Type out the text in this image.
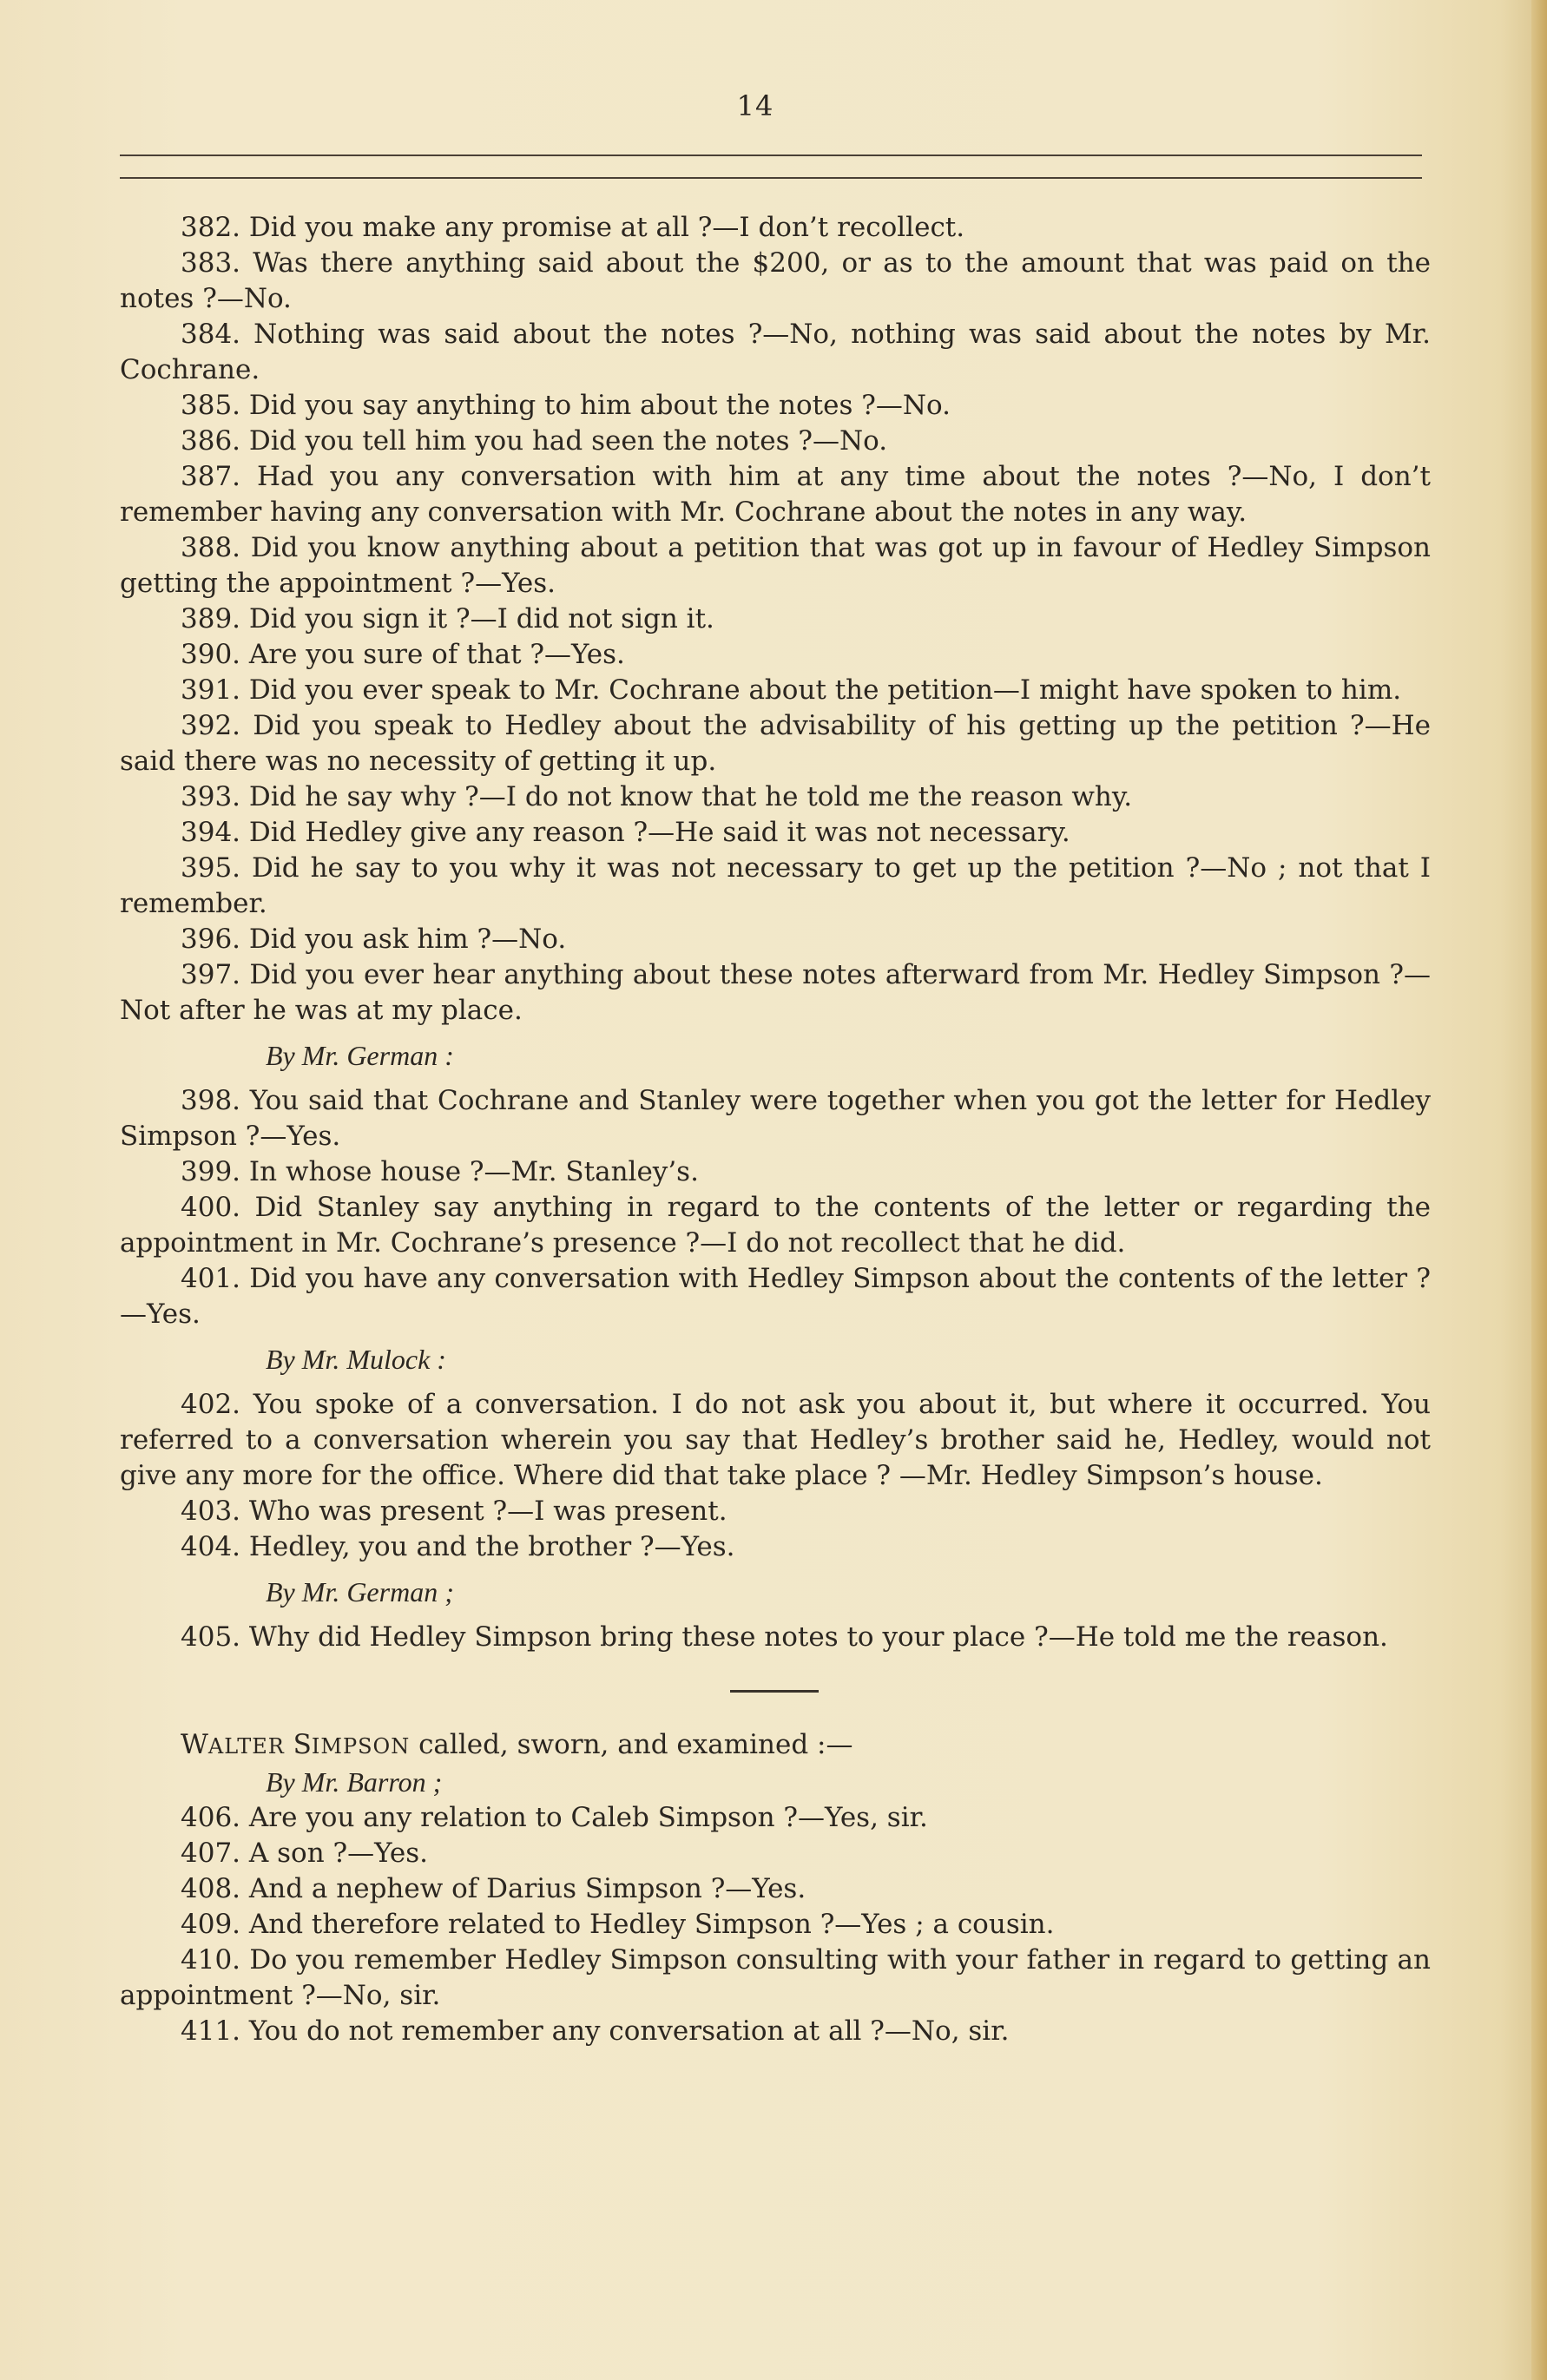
14

382. Did you make any promise at all ?—I don’t recollect.

383. Was there anything said about the $200, or as to the amount that was paid on the notes ?—No.

384. Nothing was said about the notes ?—No, nothing was said about the notes by Mr. Cochrane.

385. Did you say anything to him about the notes ?—No.

386. Did you tell him you had seen the notes ?—No.

387. Had you any conversation with him at any time about the notes ?—No, I don’t remember having any conversation with Mr. Cochrane about the notes in any way.

388. Did you know anything about a petition that was got up in favour of Hedley Simpson getting the appointment ?—Yes.

389. Did you sign it ?—I did not sign it.

390. Are you sure of that ?—Yes.

391. Did you ever speak to Mr. Cochrane about the petition—I might have spoken to him.

392. Did you speak to Hedley about the advisability of his getting up the petition ?—He said there was no necessity of getting it up.

393. Did he say why ?—I do not know that he told me the reason why.

394. Did Hedley give any reason ?—He said it was not necessary.

395. Did he say to you why it was not necessary to get up the petition ?—No ; not that I remember.

396. Did you ask him ?—No.

397. Did you ever hear anything about these notes afterward from Mr. Hedley Simpson ?—Not after he was at my place.

By Mr. German :

398. You said that Cochrane and Stanley were together when you got the letter for Hedley Simpson ?—Yes.

399. In whose house ?—Mr. Stanley’s.

400. Did Stanley say anything in regard to the contents of the letter or regarding the appointment in Mr. Cochrane’s presence ?—I do not recollect that he did.

401. Did you have any conversation with Hedley Simpson about the contents of the letter ?—Yes.

By Mr. Mulock :

402. You spoke of a conversation. I do not ask you about it, but where it occurred. You referred to a conversation wherein you say that Hedley’s brother said he, Hedley, would not give any more for the office. Where did that take place ? —Mr. Hedley Simpson’s house.

403. Who was present ?—I was present.

404. Hedley, you and the brother ?—Yes.

By Mr. German ;

405. Why did Hedley Simpson bring these notes to your place ?—He told me the reason.

WALTER SIMPSON called, sworn, and examined :—

By Mr. Barron ;

406. Are you any relation to Caleb Simpson ?—Yes, sir.

407. A son ?—Yes.

408. And a nephew of Darius Simpson ?—Yes.

409. And therefore related to Hedley Simpson ?—Yes ; a cousin.

410. Do you remember Hedley Simpson consulting with your father in regard to getting an appointment ?—No, sir.

411. You do not remember any conversation at all ?—No, sir.
